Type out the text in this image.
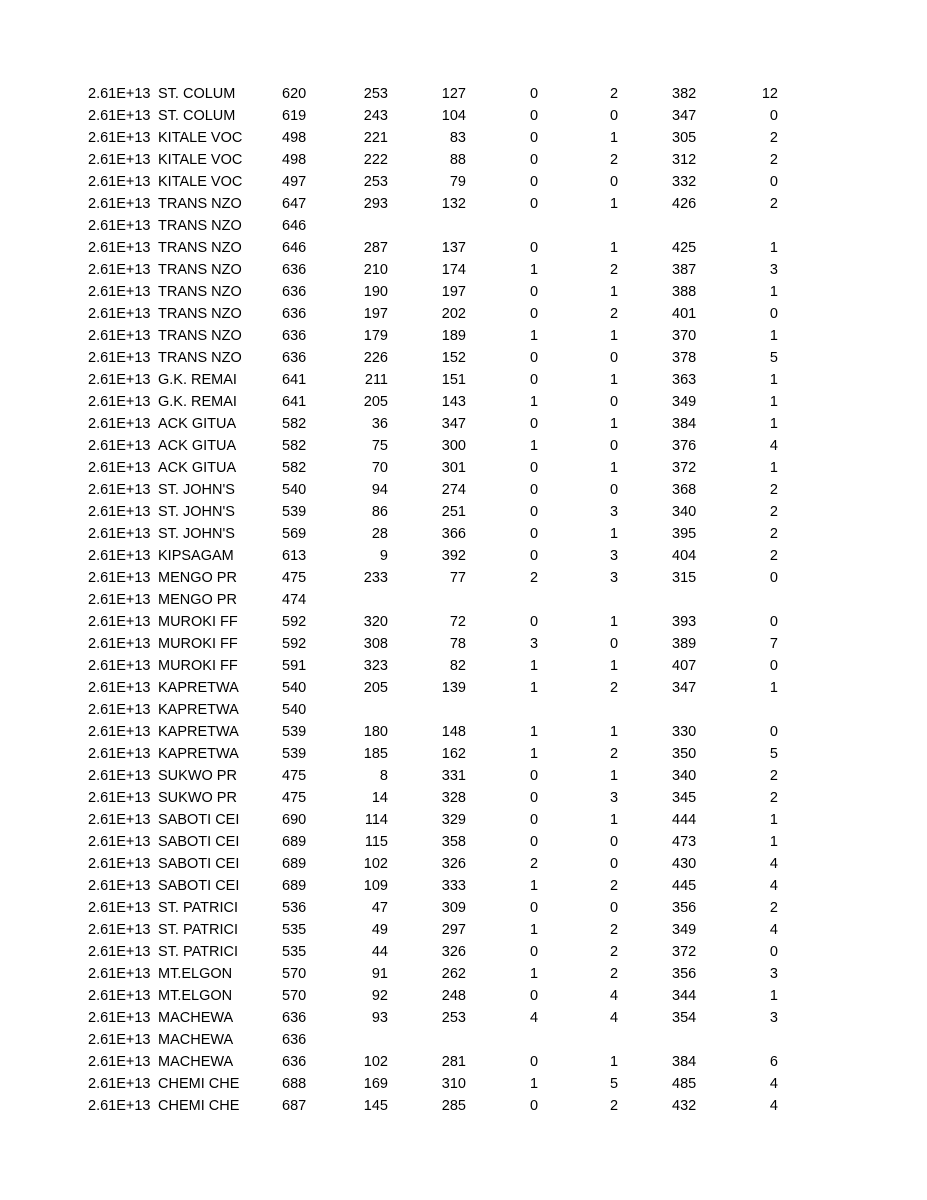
2.61E+13 ST. COLUM	620	253	127	0	2	382	12
2.61E+13 ST. COLUM	619	243	104	0	0	347	0
2.61E+13 KITALE VOC	498	221	83	0	1	305	2
2.61E+13 KITALE VOC	498	222	88	0	2	312	2
2.61E+13 KITALE VOC	497	253	79	0	0	332	0
2.61E+13 TRANS NZO	647	293	132	0	1	426	2
2.61E+13 TRANS NZO	646
2.61E+13 TRANS NZO	646	287	137	0	1	425	1
2.61E+13 TRANS NZO	636	210	174	1	2	387	3
2.61E+13 TRANS NZO	636	190	197	0	1	388	1
2.61E+13 TRANS NZO	636	197	202	0	2	401	0
2.61E+13 TRANS NZO	636	179	189	1	1	370	1
2.61E+13 TRANS NZO	636	226	152	0	0	378	5
2.61E+13 G.K. REMAI	641	211	151	0	1	363	1
2.61E+13 G.K. REMAI	641	205	143	1	0	349	1
2.61E+13 ACK GITUA	582	36	347	0	1	384	1
2.61E+13 ACK GITUA	582	75	300	1	0	376	4
2.61E+13 ACK GITUA	582	70	301	0	1	372	1
2.61E+13 ST. JOHN'S	540	94	274	0	0	368	2
2.61E+13 ST. JOHN'S	539	86	251	0	3	340	2
2.61E+13 ST. JOHN'S	569	28	366	0	1	395	2
2.61E+13 KIPSAGAM	613	9	392	0	3	404	2
2.61E+13 MENGO PR	475	233	77	2	3	315	0
2.61E+13 MENGO PR	474
2.61E+13 MUROKI FF	592	320	72	0	1	393	0
2.61E+13 MUROKI FF	592	308	78	3	0	389	7
2.61E+13 MUROKI FF	591	323	82	1	1	407	0
2.61E+13 KAPRETWA	540	205	139	1	2	347	1
2.61E+13 KAPRETWA	540
2.61E+13 KAPRETWA	539	180	148	1	1	330	0
2.61E+13 KAPRETWA	539	185	162	1	2	350	5
2.61E+13 SUKWO PR	475	8	331	0	1	340	2
2.61E+13 SUKWO PR	475	14	328	0	3	345	2
2.61E+13 SABOTI CEI	690	114	329	0	1	444	1
2.61E+13 SABOTI CEI	689	115	358	0	0	473	1
2.61E+13 SABOTI CEI	689	102	326	2	0	430	4
2.61E+13 SABOTI CEI	689	109	333	1	2	445	4
2.61E+13 ST. PATRICI	536	47	309	0	0	356	2
2.61E+13 ST. PATRICI	535	49	297	1	2	349	4
2.61E+13 ST. PATRICI	535	44	326	0	2	372	0
2.61E+13 MT.ELGON	570	91	262	1	2	356	3
2.61E+13 MT.ELGON	570	92	248	0	4	344	1
2.61E+13 MACHEWA	636	93	253	4	4	354	3
2.61E+13 MACHEWA	636
2.61E+13 MACHEWA	636	102	281	0	1	384	6
2.61E+13 CHEMI CHE	688	169	310	1	5	485	4
2.61E+13 CHEMI CHE	687	145	285	0	2	432	4
